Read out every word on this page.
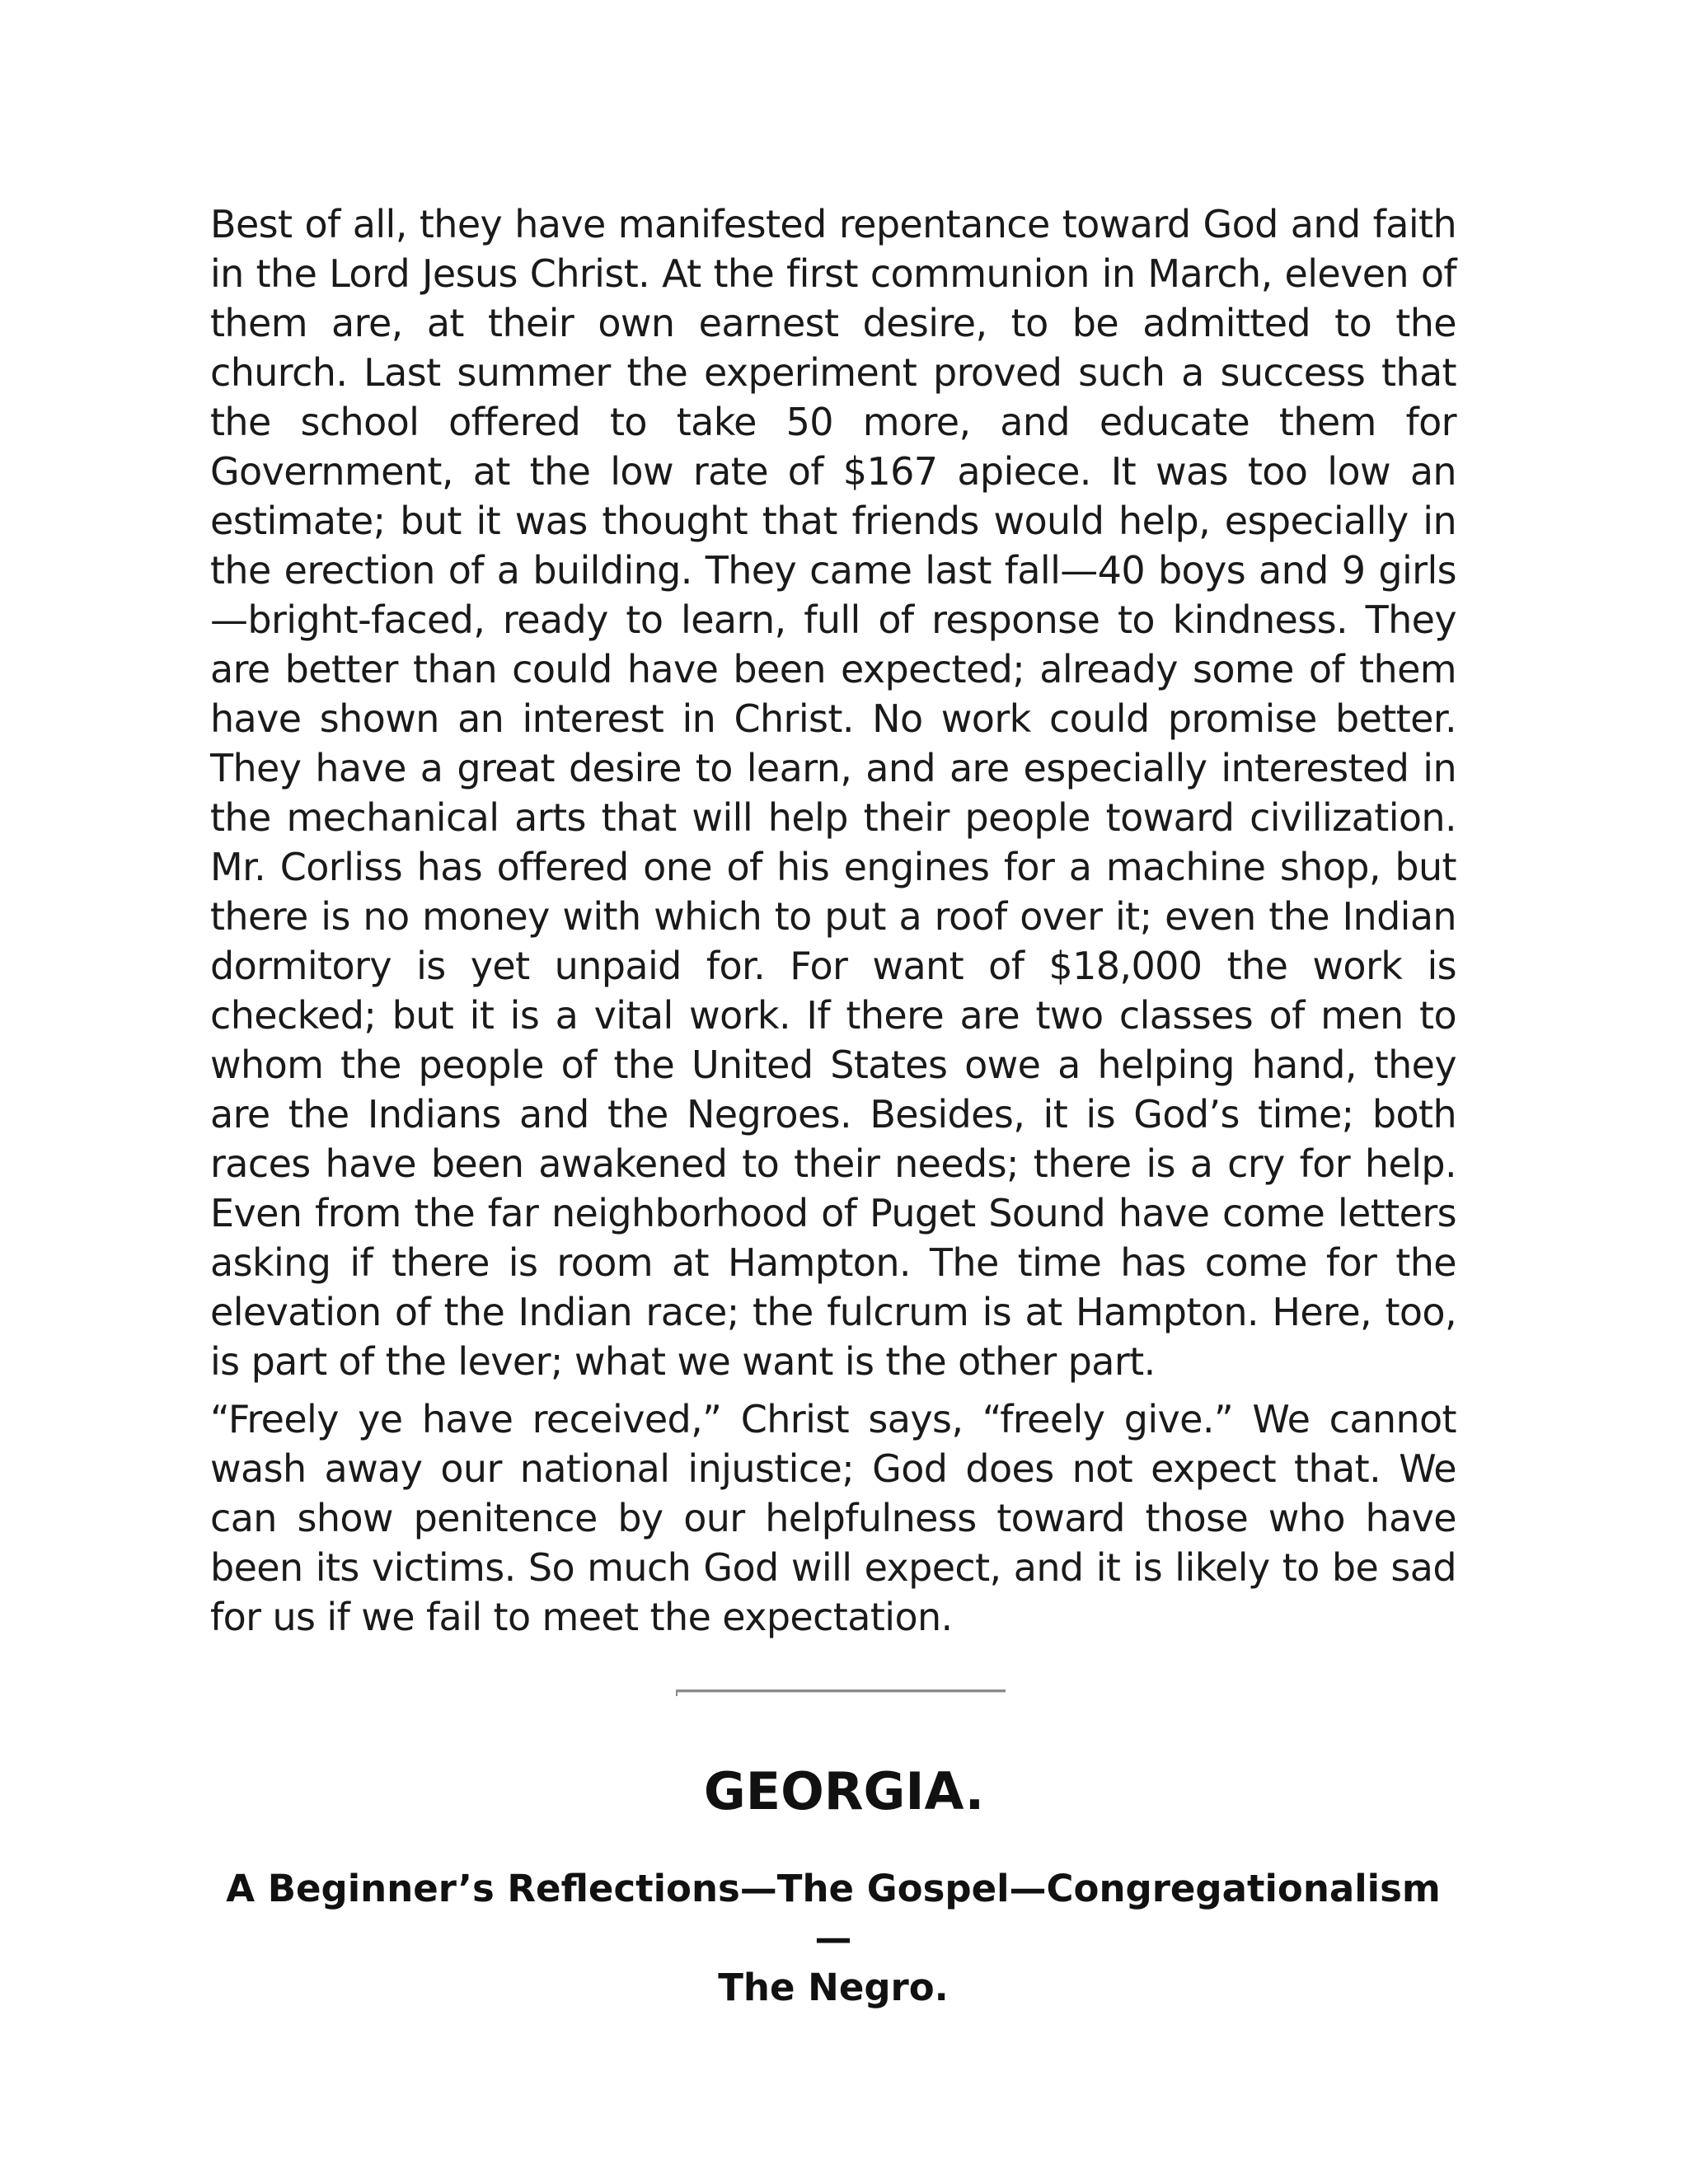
Best of all, they have manifested repentance toward God and faith in the Lord Jesus Christ. At the first communion in March, eleven of them are, at their own earnest desire, to be admitted to the church. Last summer the experiment proved such a success that the school offered to take 50 more, and educate them for Government, at the low rate of $167 apiece. It was too low an estimate; but it was thought that friends would help, especially in the erection of a building. They came last fall—40 boys and 9 girls—bright-faced, ready to learn, full of response to kindness. They are better than could have been expected; already some of them have shown an interest in Christ. No work could promise better. They have a great desire to learn, and are especially interested in the mechanical arts that will help their people toward civilization. Mr. Corliss has offered one of his engines for a machine shop, but there is no money with which to put a roof over it; even the Indian dormitory is yet unpaid for. For want of $18,000 the work is checked; but it is a vital work. If there are two classes of men to whom the people of the United States owe a helping hand, they are the Indians and the Negroes. Besides, it is God’s time; both races have been awakened to their needs; there is a cry for help. Even from the far neighborhood of Puget Sound have come letters asking if there is room at Hampton. The time has come for the elevation of the Indian race; the fulcrum is at Hampton. Here, too, is part of the lever; what we want is the other part.

“Freely ye have received,” Christ says, “freely give.” We cannot wash away our national injustice; God does not expect that. We can show penitence by our helpfulness toward those who have been its victims. So much God will expect, and it is likely to be sad for us if we fail to meet the expectation.

GEORGIA.
A Beginner’s Reflections—The Gospel—Congregationalism—
The Negro.
